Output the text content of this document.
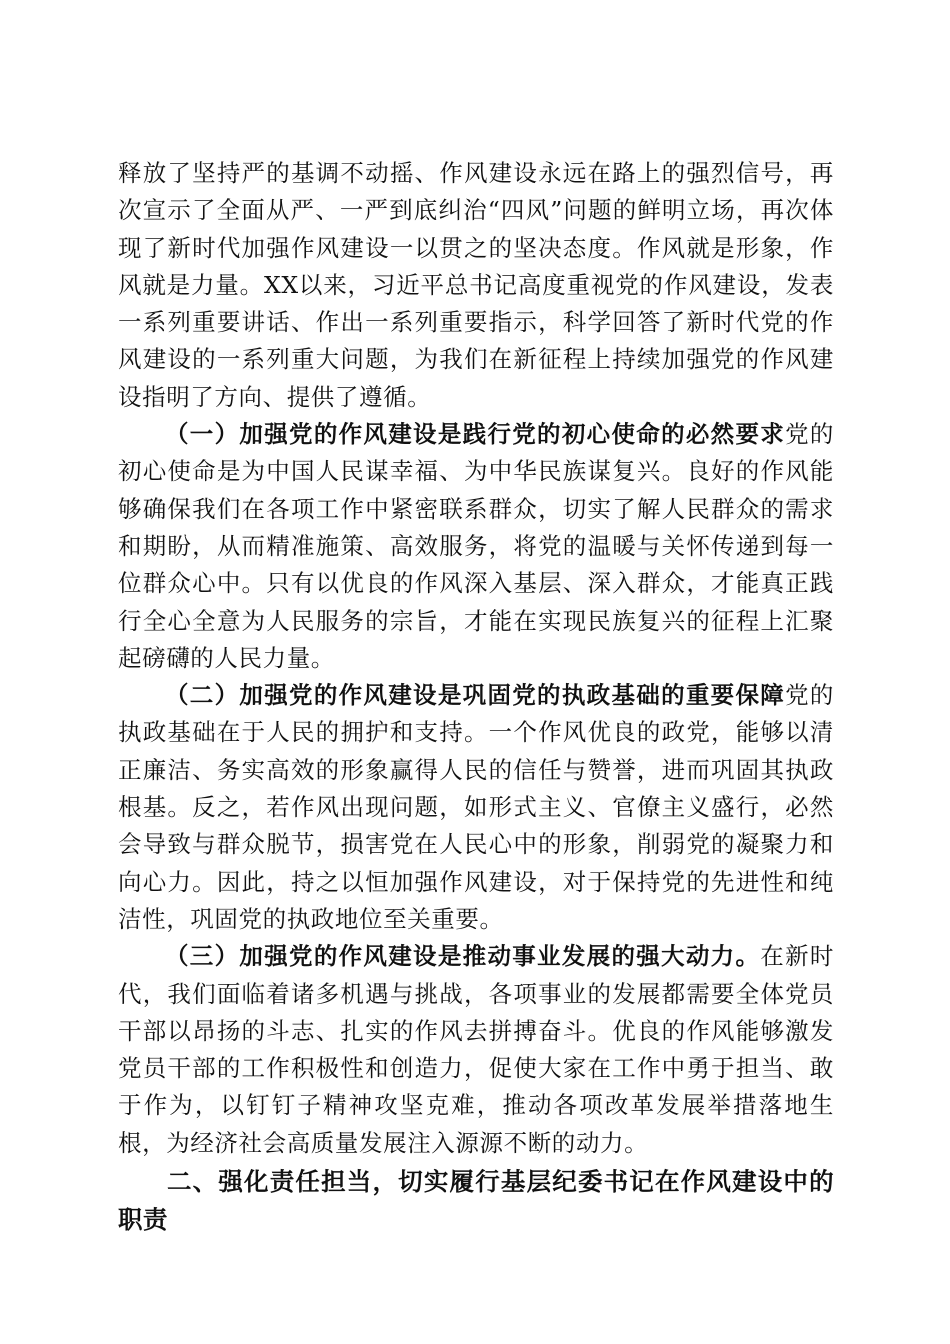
释放了坚持严的基调不动摇、作风建设永远在路上的强烈信号，再次宣示了全面从严、一严到底纠治“四风”问题的鲜明立场，再次体现了新时代加强作风建设一以贯之的坚决态度。作风就是形象，作风就是力量。XX以来，习近平总书记高度重视党的作风建设，发表一系列重要讲话、作出一系列重要指示，科学回答了新时代党的作风建设的一系列重大问题，为我们在新征程上持续加强党的作风建设指明了方向、提供了遵循。

（一）加强党的作风建设是践行党的初心使命的必然要求党的初心使命是为中国人民谋幸福、为中华民族谋复兴。良好的作风能够确保我们在各项工作中紧密联系群众，切实了解人民群众的需求和期盼，从而精准施策、高效服务，将党的温暖与关怀传递到每一位群众心中。只有以优良的作风深入基层、深入群众，才能真正践行全心全意为人民服务的宗旨，才能在实现民族复兴的征程上汇聚起磅礴的人民力量。

（二）加强党的作风建设是巩固党的执政基础的重要保障党的执政基础在于人民的拥护和支持。一个作风优良的政党，能够以清正廉洁、务实高效的形象赢得人民的信任与赞誉，进而巩固其执政根基。反之，若作风出现问题，如形式主义、官僚主义盛行，必然会导致与群众脱节，损害党在人民心中的形象，削弱党的凝聚力和向心力。因此，持之以恒加强作风建设，对于保持党的先进性和纯洁性，巩固党的执政地位至关重要。

（三）加强党的作风建设是推动事业发展的强大动力。在新时代，我们面临着诸多机遇与挑战，各项事业的发展都需要全体党员干部以昂扬的斗志、扎实的作风去拼搏奋斗。优良的作风能够激发党员干部的工作积极性和创造力，促使大家在工作中勇于担当、敢于作为，以钉钉子精神攻坚克难，推动各项改革发展举措落地生根，为经济社会高质量发展注入源源不断的动力。

二、强化责任担当，切实履行基层纪委书记在作风建设中的职责
